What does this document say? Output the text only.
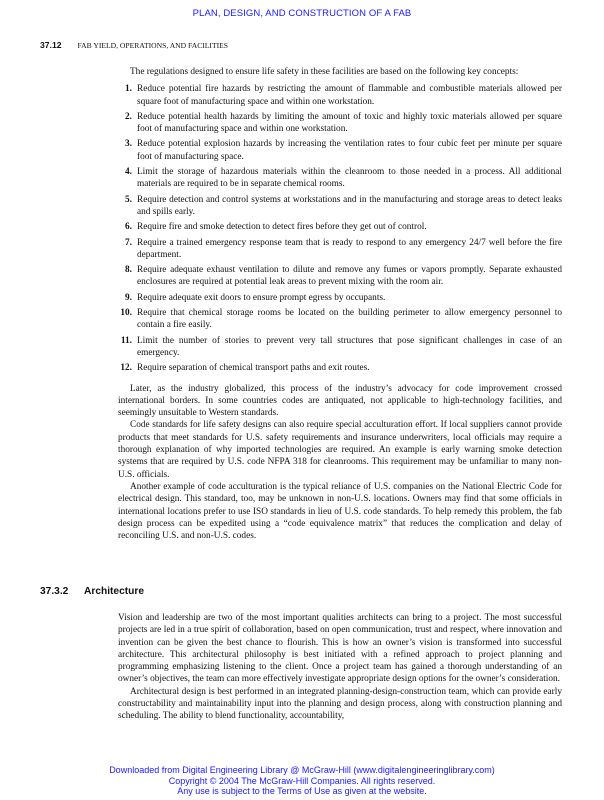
PLAN, DESIGN, AND CONSTRUCTION OF A FAB
37.12 FAB YIELD, OPERATIONS, AND FACILITIES

The regulations designed to ensure life safety in these facilities are based on the following key concepts:

1. Reduce potential fire hazards by restricting the amount of flammable and combustible materials allowed per square foot of manufacturing space and within one workstation.
2. Reduce potential health hazards by limiting the amount of toxic and highly toxic materials allowed per square foot of manufacturing space and within one workstation.
3. Reduce potential explosion hazards by increasing the ventilation rates to four cubic feet per minute per square foot of manufacturing space.
4. Limit the storage of hazardous materials within the cleanroom to those needed in a process. All additional materials are required to be in separate chemical rooms.
5. Require detection and control systems at workstations and in the manufacturing and storage areas to detect leaks and spills early.
6. Require fire and smoke detection to detect fires before they get out of control.
7. Require a trained emergency response team that is ready to respond to any emergency 24/7 well before the fire department.
8. Require adequate exhaust ventilation to dilute and remove any fumes or vapors promptly. Separate exhausted enclosures are required at potential leak areas to prevent mixing with the room air.
9. Require adequate exit doors to ensure prompt egress by occupants.
10. Require that chemical storage rooms be located on the building perimeter to allow emergency personnel to contain a fire easily.
11. Limit the number of stories to prevent very tall structures that pose significant challenges in case of an emergency.
12. Require separation of chemical transport paths and exit routes.

Later, as the industry globalized, this process of the industry’s advocacy for code improvement crossed international borders. In some countries codes are antiquated, not applicable to high-technology facilities, and seemingly unsuitable to Western standards.

Code standards for life safety designs can also require special acculturation effort. If local suppliers cannot provide products that meet standards for U.S. safety requirements and insurance underwriters, local officials may require a thorough explanation of why imported technologies are required. An example is early warning smoke detection systems that are required by U.S. code NFPA 318 for cleanrooms. This requirement may be unfamiliar to many non-U.S. officials.

Another example of code acculturation is the typical reliance of U.S. companies on the National Electric Code for electrical design. This standard, too, may be unknown in non-U.S. locations. Owners may find that some officials in international locations prefer to use ISO standards in lieu of U.S. code standards. To help remedy this problem, the fab design process can be expedited using a “code equivalence matrix” that reduces the complication and delay of reconciling U.S. and non-U.S. codes.

37.3.2 Architecture

Vision and leadership are two of the most important qualities architects can bring to a project. The most successful projects are led in a true spirit of collaboration, based on open communication, trust and respect, where innovation and invention can be given the best chance to flourish. This is how an owner’s vision is transformed into successful architecture. This architectural philosophy is best initiated with a refined approach to project planning and programming emphasizing listening to the client. Once a project team has gained a thorough understanding of an owner’s objectives, the team can more effectively investigate appropriate design options for the owner’s consideration.

Architectural design is best performed in an integrated planning-design-construction team, which can provide early constructability and maintainability input into the planning and design process, along with construction planning and scheduling. The ability to blend functionality, accountability,

Downloaded from Digital Engineering Library @ McGraw-Hill (www.digitalengineeringlibrary.com)
Copyright © 2004 The McGraw-Hill Companies. All rights reserved.
Any use is subject to the Terms of Use as given at the website.
